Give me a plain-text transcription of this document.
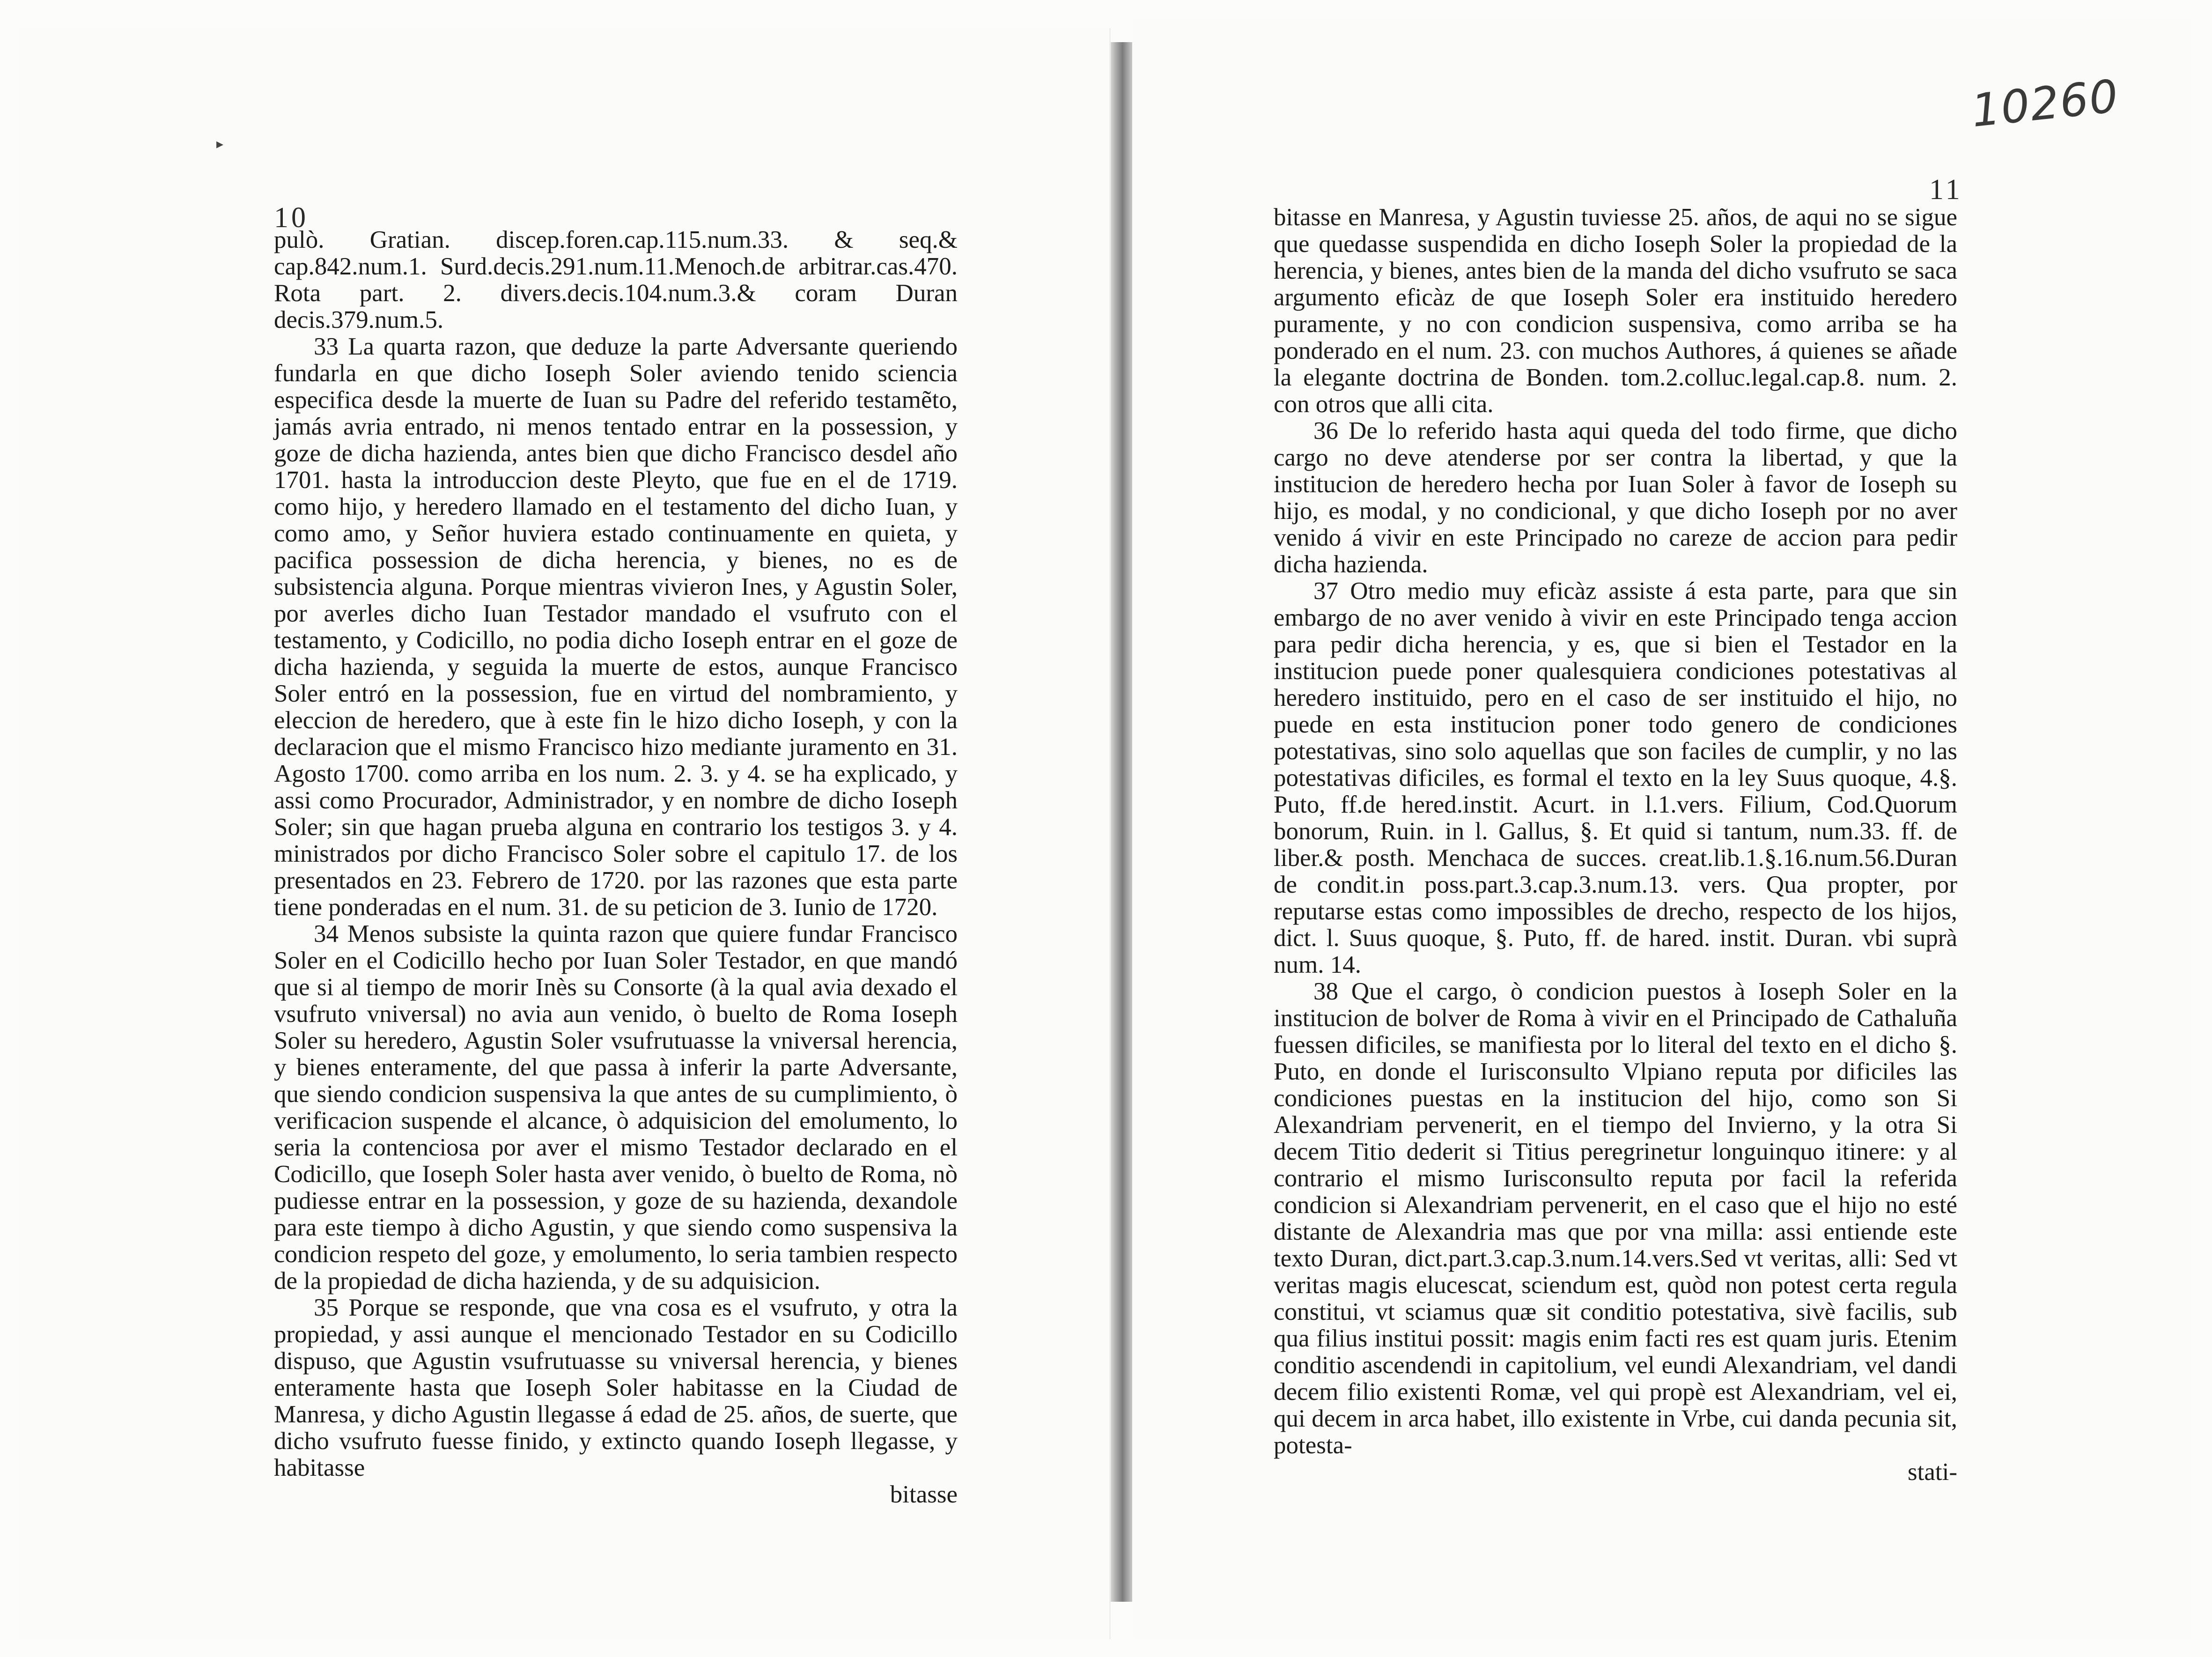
▸
10260
10

pulò. Gratian. discep.foren.cap.115.num.33. & seq.& cap.842.num.1. Surd.decis.291.num.11.Menoch.de arbitrar.cas.470. Rota part. 2. divers.decis.104.num.3.& coram Duran decis.379.num.5.

33 La quarta razon, que deduze la parte Adversante queriendo fundarla en que dicho Ioseph Soler aviendo tenido sciencia especifica desde la muerte de Iuan su Padre del referido testamẽto, jamás avria entrado, ni menos tentado entrar en la possession, y goze de dicha hazienda, antes bien que dicho Francisco desdel año 1701. hasta la introduccion deste Pleyto, que fue en el de 1719. como hijo, y heredero llamado en el testamento del dicho Iuan, y como amo, y Señor huviera estado continuamente en quieta, y pacifica possession de dicha herencia, y bienes, no es de subsistencia alguna. Porque mientras vivieron Ines, y Agustin Soler, por averles dicho Iuan Testador mandado el vsufruto con el testamento, y Codicillo, no podia dicho Ioseph entrar en el goze de dicha hazienda, y seguida la muerte de estos, aunque Francisco Soler entró en la possession, fue en virtud del nombramiento, y eleccion de heredero, que à este fin le hizo dicho Ioseph, y con la declaracion que el mismo Francisco hizo mediante juramento en 31. Agosto 1700. como arriba en los num. 2. 3. y 4. se ha explicado, y assi como Procurador, Administrador, y en nombre de dicho Ioseph Soler; sin que hagan prueba alguna en contrario los testigos 3. y 4. ministrados por dicho Francisco Soler sobre el capitulo 17. de los presentados en 23. Febrero de 1720. por las razones que esta parte tiene ponderadas en el num. 31. de su peticion de 3. Iunio de 1720.

34 Menos subsiste la quinta razon que quiere fundar Francisco Soler en el Codicillo hecho por Iuan Soler Testador, en que mandó que si al tiempo de morir Inès su Consorte (à la qual avia dexado el vsufruto vniversal) no avia aun venido, ò buelto de Roma Ioseph Soler su heredero, Agustin Soler vsufrutuasse la vniversal herencia, y bienes enteramente, del que passa à inferir la parte Adversante, que siendo condicion suspensiva la que antes de su cumplimiento, ò verificacion suspende el alcance, ò adquisicion del emolumento, lo seria la contenciosa por aver el mismo Testador declarado en el Codicillo, que Ioseph Soler hasta aver venido, ò buelto de Roma, nò pudiesse entrar en la possession, y goze de su hazienda, dexandole para este tiempo à dicho Agustin, y que siendo como suspensiva la condicion respeto del goze, y emolumento, lo seria tambien respecto de la propiedad de dicha hazienda, y de su adquisicion.

35 Porque se responde, que vna cosa es el vsufruto, y otra la propiedad, y assi aunque el mencionado Testador en su Codicillo dispuso, que Agustin vsufrutuasse su vniversal herencia, y bienes enteramente hasta que Ioseph Soler habitasse en la Ciudad de Manresa, y dicho Agustin llegasse á edad de 25. años, de suerte, que dicho vsufruto fuesse finido, y extincto quando Ioseph llegasse, y habitasse

bitasse

11

bitasse en Manresa, y Agustin tuviesse 25. años, de aqui no se sigue que quedasse suspendida en dicho Ioseph Soler la propiedad de la herencia, y bienes, antes bien de la manda del dicho vsufruto se saca argumento eficàz de que Ioseph Soler era instituido heredero puramente, y no con condicion suspensiva, como arriba se ha ponderado en el num. 23. con muchos Authores, á quienes se añade la elegante doctrina de Bonden. tom.2.colluc.legal.cap.8. num. 2. con otros que alli cita.

36 De lo referido hasta aqui queda del todo firme, que dicho cargo no deve atenderse por ser contra la libertad, y que la institucion de heredero hecha por Iuan Soler à favor de Ioseph su hijo, es modal, y no condicional, y que dicho Ioseph por no aver venido á vivir en este Principado no careze de accion para pedir dicha hazienda.

37 Otro medio muy eficàz assiste á esta parte, para que sin embargo de no aver venido à vivir en este Principado tenga accion para pedir dicha herencia, y es, que si bien el Testador en la institucion puede poner qualesquiera condiciones potestativas al heredero instituido, pero en el caso de ser instituido el hijo, no puede en esta institucion poner todo genero de condiciones potestativas, sino solo aquellas que son faciles de cumplir, y no las potestativas dificiles, es formal el texto en la ley Suus quoque, 4.§. Puto, ff.de hered.instit. Acurt. in l.1.vers. Filium, Cod.Quorum bonorum, Ruin. in l. Gallus, §. Et quid si tantum, num.33. ff. de liber.& posth. Menchaca de succes. creat.lib.1.§.16.num.56.Duran de condit.in poss.part.3.cap.3.num.13. vers. Qua propter, por reputarse estas como impossibles de drecho, respecto de los hijos, dict. l. Suus quoque, §. Puto, ff. de hared. instit. Duran. vbi suprà num. 14.

38 Que el cargo, ò condicion puestos à Ioseph Soler en la institucion de bolver de Roma à vivir en el Principado de Cathaluña fuessen dificiles, se manifiesta por lo literal del texto en el dicho §. Puto, en donde el Iurisconsulto Vlpiano reputa por dificiles las condiciones puestas en la institucion del hijo, como son Si Alexandriam pervenerit, en el tiempo del Invierno, y la otra Si decem Titio dederit si Titius peregrinetur longuinquo itinere: y al contrario el mismo Iurisconsulto reputa por facil la referida condicion si Alexandriam pervenerit, en el caso que el hijo no esté distante de Alexandria mas que por vna milla: assi entiende este texto Duran, dict.part.3.cap.3.num.14.vers.Sed vt veritas, alli: Sed vt veritas magis elucescat, sciendum est, quòd non potest certa regula constitui, vt sciamus quæ sit conditio potestativa, sivè facilis, sub qua filius institui possit: magis enim facti res est quam juris. Etenim conditio ascendendi in capitolium, vel eundi Alexandriam, vel dandi decem filio existenti Romæ, vel qui propè est Alexandriam, vel ei, qui decem in arca habet, illo existente in Vrbe, cui danda pecunia sit, potesta-

stati-
